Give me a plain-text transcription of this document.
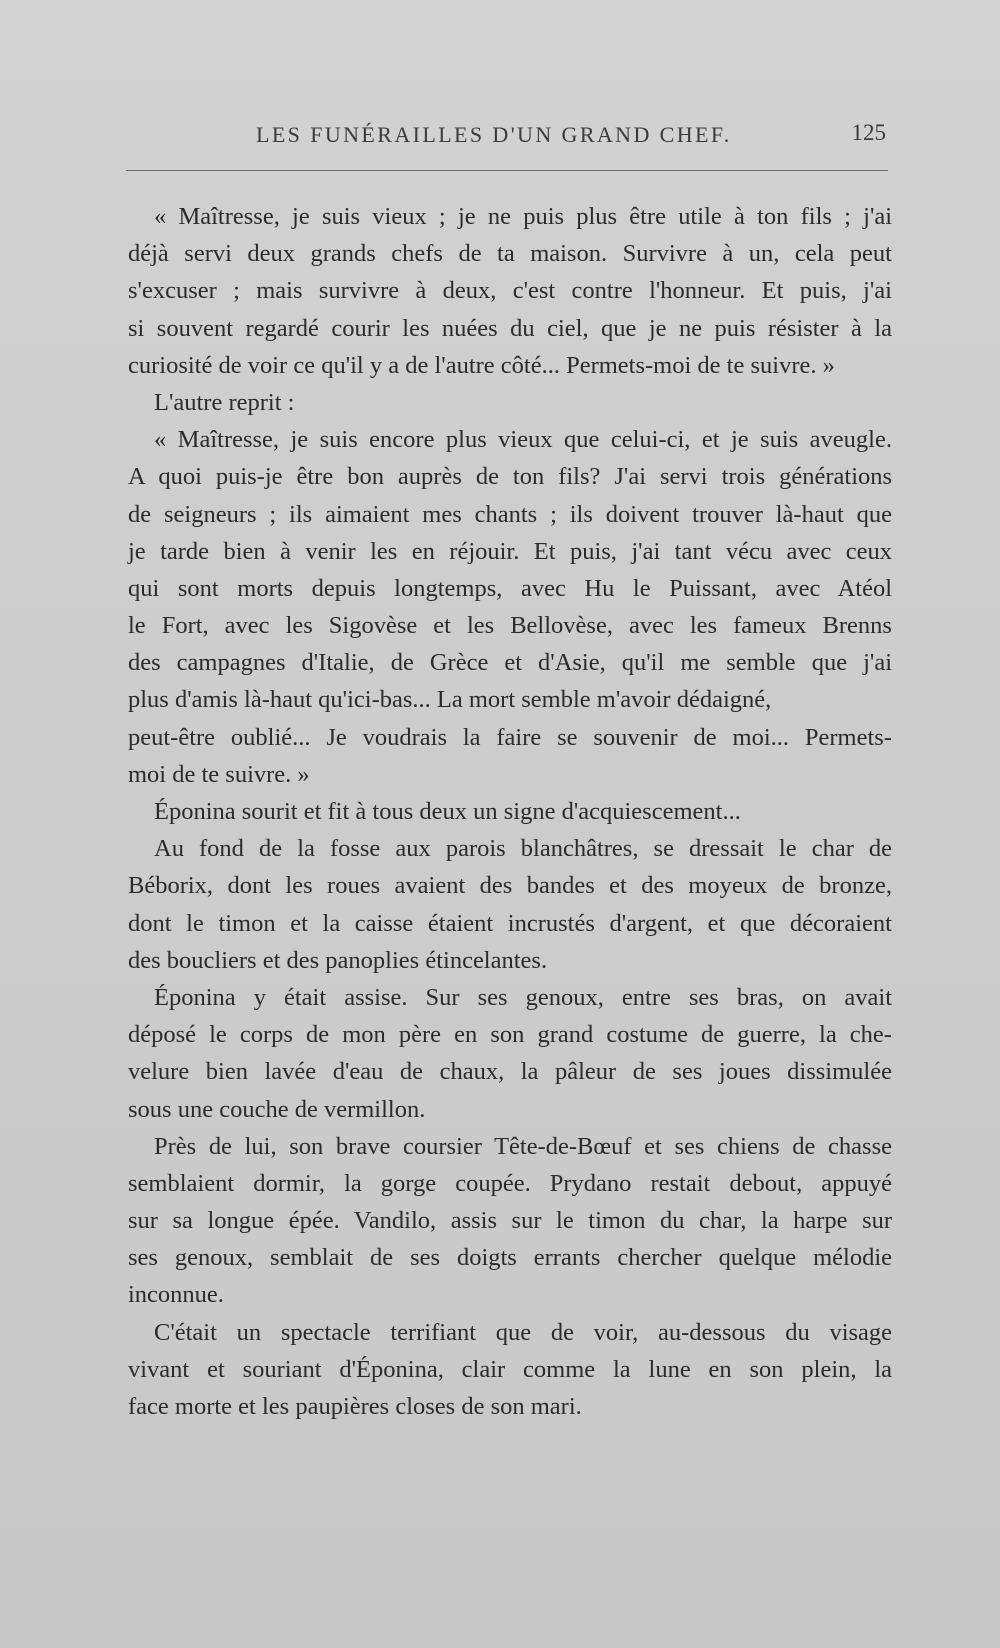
LES FUNÉRAILLES D'UN GRAND CHEF.	125
« Maîtresse, je suis vieux ; je ne puis plus être utile à ton fils ; j'ai
déjà servi deux grands chefs de ta maison. Survivre à un, cela peut
s'excuser ; mais survivre à deux, c'est contre l'honneur. Et puis, j'ai
si souvent regardé courir les nuées du ciel, que je ne puis résister à la
curiosité de voir ce qu'il y a de l'autre côté... Permets-moi de te suivre. »
L'autre reprit :
« Maîtresse, je suis encore plus vieux que celui-ci, et je suis aveugle.
A quoi puis-je être bon auprès de ton fils? J'ai servi trois générations
de seigneurs ; ils aimaient mes chants ; ils doivent trouver là-haut que
je tarde bien à venir les en réjouir. Et puis, j'ai tant vécu avec ceux
qui sont morts depuis longtemps, avec Hu le Puissant, avec Atéol
le Fort, avec les Sigovèse et les Bellovèse, avec les fameux Brenns
des campagnes d'Italie, de Grèce et d'Asie, qu'il me semble que j'ai
plus d'amis là-haut qu'ici-bas... La mort semble m'avoir dédaigné,
peut-être oublié... Je voudrais la faire se souvenir de moi... Permets-
moi de te suivre. »
Éponina sourit et fit à tous deux un signe d'acquiescement...
Au fond de la fosse aux parois blanchâtres, se dressait le char de
Béborix, dont les roues avaient des bandes et des moyeux de bronze,
dont le timon et la caisse étaient incrustés d'argent, et que décoraient
des boucliers et des panoplies étincelantes.
Éponina y était assise. Sur ses genoux, entre ses bras, on avait
déposé le corps de mon père en son grand costume de guerre, la che-
velure bien lavée d'eau de chaux, la pâleur de ses joues dissimulée
sous une couche de vermillon.
Près de lui, son brave coursier Tête-de-Bœuf et ses chiens de chasse
semblaient dormir, la gorge coupée. Prydano restait debout, appuyé
sur sa longue épée. Vandilo, assis sur le timon du char, la harpe sur
ses genoux, semblait de ses doigts errants chercher quelque mélodie
inconnue.
C'était un spectacle terrifiant que de voir, au-dessous du visage
vivant et souriant d'Éponina, clair comme la lune en son plein, la
face morte et les paupières closes de son mari.
